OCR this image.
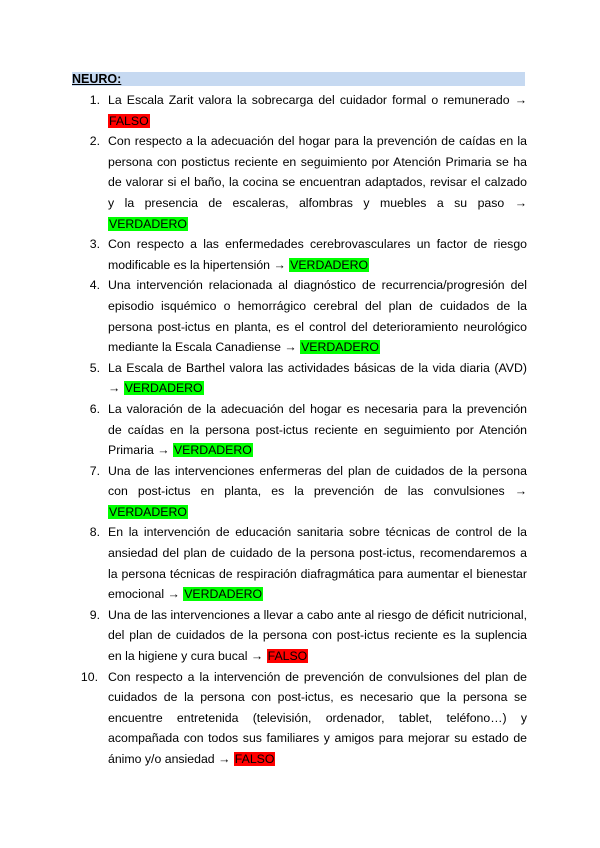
NEURO:
1. La Escala Zarit valora la sobrecarga del cuidador formal o remunerado → FALSO
2. Con respecto a la adecuación del hogar para la prevención de caídas en la persona con postictus reciente en seguimiento por Atención Primaria se ha de valorar si el baño, la cocina se encuentran adaptados, revisar el calzado y la presencia de escaleras, alfombras y muebles a su paso → VERDADERO
3. Con respecto a las enfermedades cerebrovasculares un factor de riesgo modificable es la hipertensión → VERDADERO
4. Una intervención relacionada al diagnóstico de recurrencia/progresión del episodio isquémico o hemorrágico cerebral del plan de cuidados de la persona post-ictus en planta, es el control del deterioramiento neurológico mediante la Escala Canadiense → VERDADERO
5. La Escala de Barthel valora las actividades básicas de la vida diaria (AVD) → VERDADERO
6. La valoración de la adecuación del hogar es necesaria para la prevención de caídas en la persona post-ictus reciente en seguimiento por Atención Primaria → VERDADERO
7. Una de las intervenciones enfermeras del plan de cuidados de la persona con post-ictus en planta, es la prevención de las convulsiones → VERDADERO
8. En la intervención de educación sanitaria sobre técnicas de control de la ansiedad del plan de cuidado de la persona post-ictus, recomendaremos a la persona técnicas de respiración diafragmática para aumentar el bienestar emocional → VERDADERO
9. Una de las intervenciones a llevar a cabo ante al riesgo de déficit nutricional, del plan de cuidados de la persona con post-ictus reciente es la suplencia en la higiene y cura bucal → FALSO
10. Con respecto a la intervención de prevención de convulsiones del plan de cuidados de la persona con post-ictus, es necesario que la persona se encuentre entretenida (televisión, ordenador, tablet, teléfono…) y acompañada con todos sus familiares y amigos para mejorar su estado de ánimo y/o ansiedad → FALSO
